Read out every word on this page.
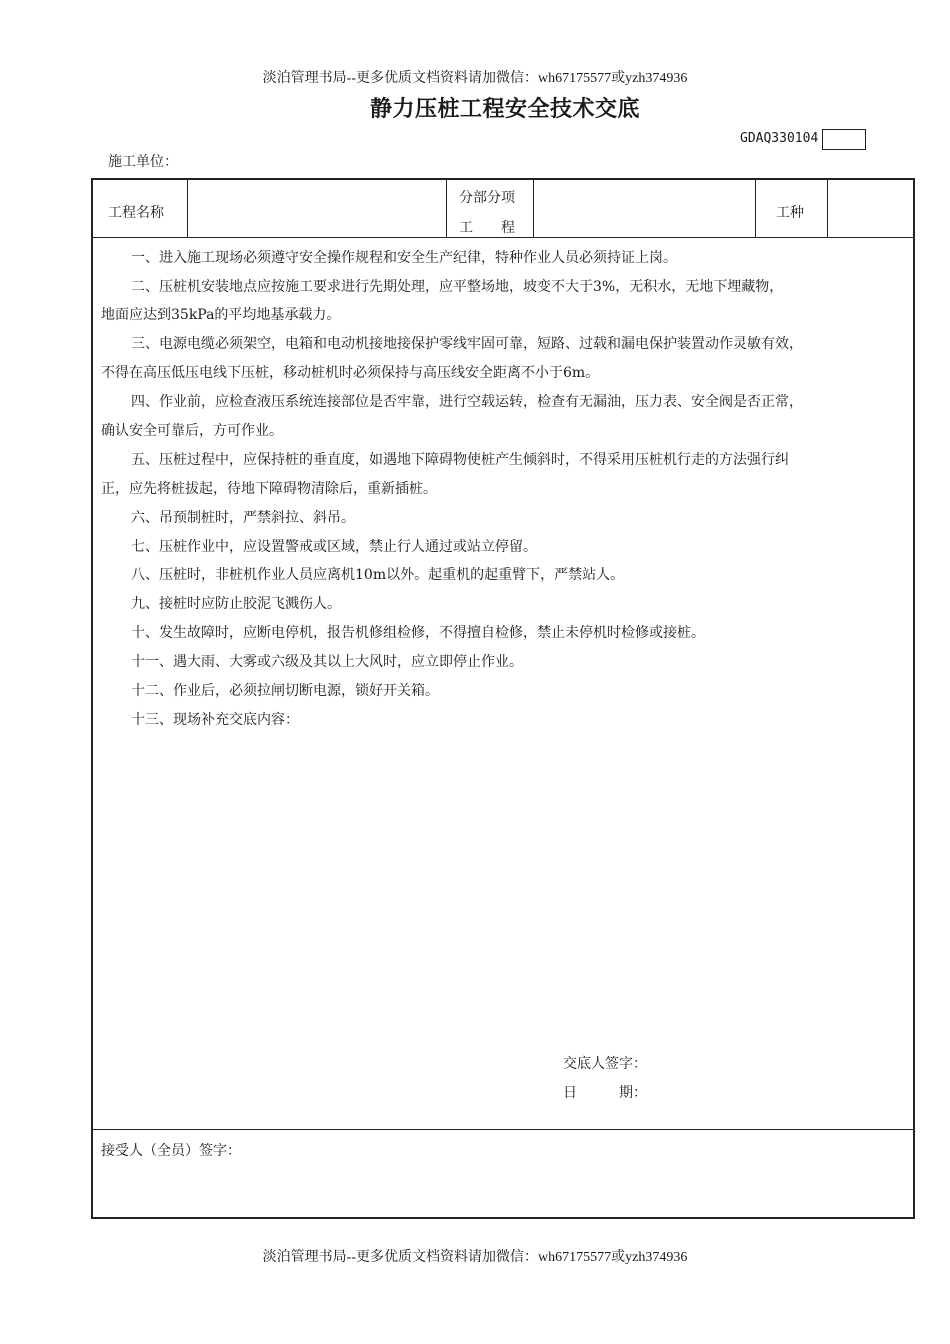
淡泊管理书局--更多优质文档资料请加微信：wh67175577或yzh374936
静力压桩工程安全技术交底
GDAQ330104
施工单位：
工程名称
分部分项
工　　程
工种
一、进入施工现场必须遵守安全操作规程和安全生产纪律，特种作业人员必须持证上岗。
二、压桩机安装地点应按施工要求进行先期处理，应平整场地，坡变不大于3%，无积水，无地下埋藏物，
地面应达到35kPa的平均地基承载力。
三、电源电缆必须架空，电箱和电动机接地接保护零线牢固可靠，短路、过载和漏电保护装置动作灵敏有效，
不得在高压低压电线下压桩，移动桩机时必须保持与高压线安全距离不小于6m。
四、作业前，应检查液压系统连接部位是否牢靠，进行空载运转，检查有无漏油，压力表、安全阀是否正常，
确认安全可靠后，方可作业。
五、压桩过程中，应保持桩的垂直度，如遇地下障碍物使桩产生倾斜时，不得采用压桩机行走的方法强行纠
正，应先将桩拔起，待地下障碍物清除后，重新插桩。
六、吊预制桩时，严禁斜拉、斜吊。
七、压桩作业中，应设置警戒或区域，禁止行人通过或站立停留。
八、压桩时，非桩机作业人员应离机10m以外。起重机的起重臂下，严禁站人。
九、接桩时应防止胶泥飞溅伤人。
十、发生故障时，应断电停机，报告机修组检修，不得擅自检修，禁止未停机时检修或接桩。
十一、遇大雨、大雾或六级及其以上大风时，应立即停止作业。
十二、作业后，必须拉闸切断电源，锁好开关箱。
十三、现场补充交底内容：
交底人签字：
日　　　期：
接受人（全员）签字：
淡泊管理书局--更多优质文档资料请加微信：wh67175577或yzh374936
